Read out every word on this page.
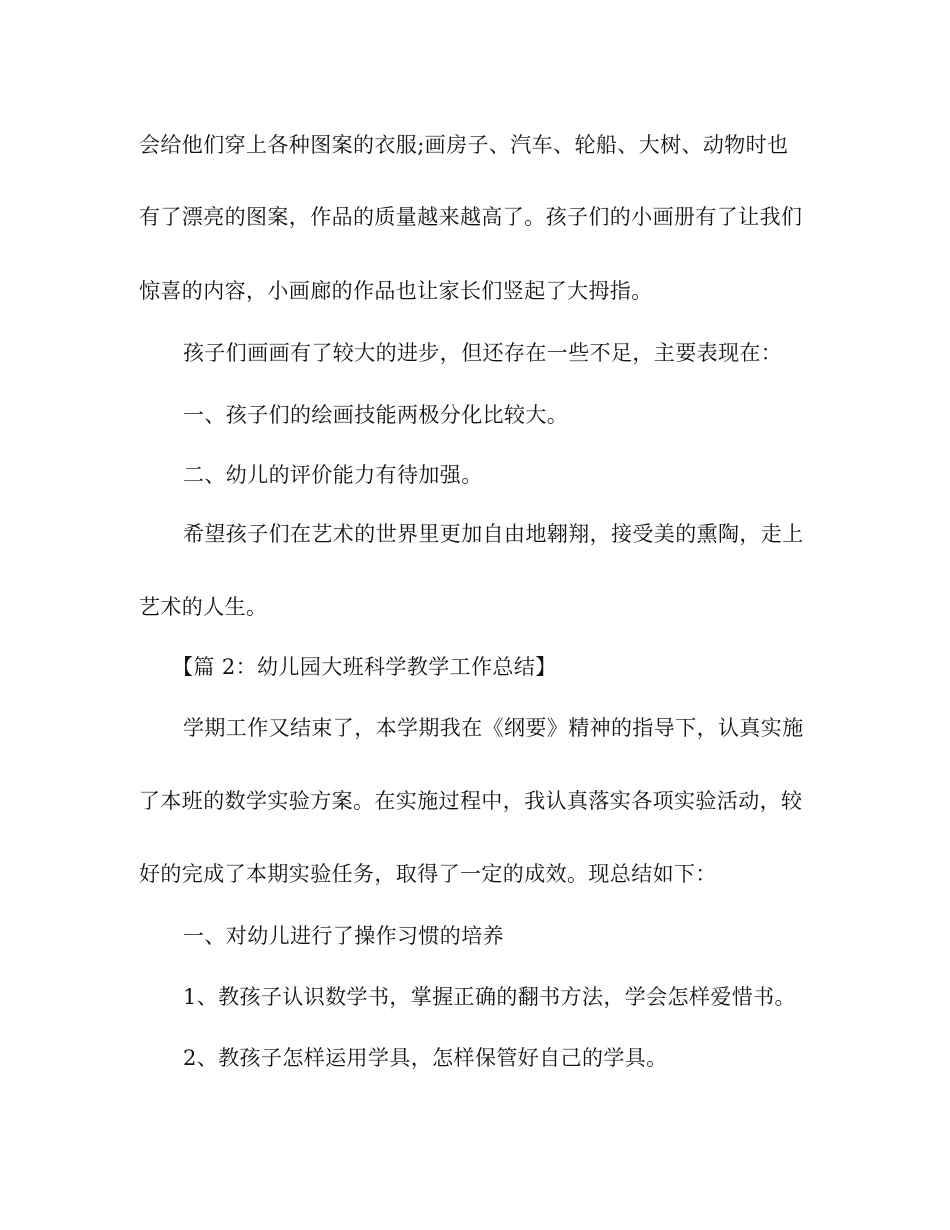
会给他们穿上各种图案的衣服;画房子、汽车、轮船、大树、动物时也
有了漂亮的图案，作品的质量越来越高了。孩子们的小画册有了让我们
惊喜的内容，小画廊的作品也让家长们竖起了大拇指。
孩子们画画有了较大的进步，但还存在一些不足，主要表现在：
一、孩子们的绘画技能两极分化比较大。
二、幼儿的评价能力有待加强。
希望孩子们在艺术的世界里更加自由地翱翔，接受美的熏陶，走上
艺术的人生。
【篇 2：幼儿园大班科学教学工作总结】
学期工作又结束了，本学期我在《纲要》精神的指导下，认真实施
了本班的数学实验方案。在实施过程中，我认真落实各项实验活动，较
好的完成了本期实验任务，取得了一定的成效。现总结如下：
一、对幼儿进行了操作习惯的培养
1、教孩子认识数学书，掌握正确的翻书方法，学会怎样爱惜书。
2、教孩子怎样运用学具，怎样保管好自己的学具。
